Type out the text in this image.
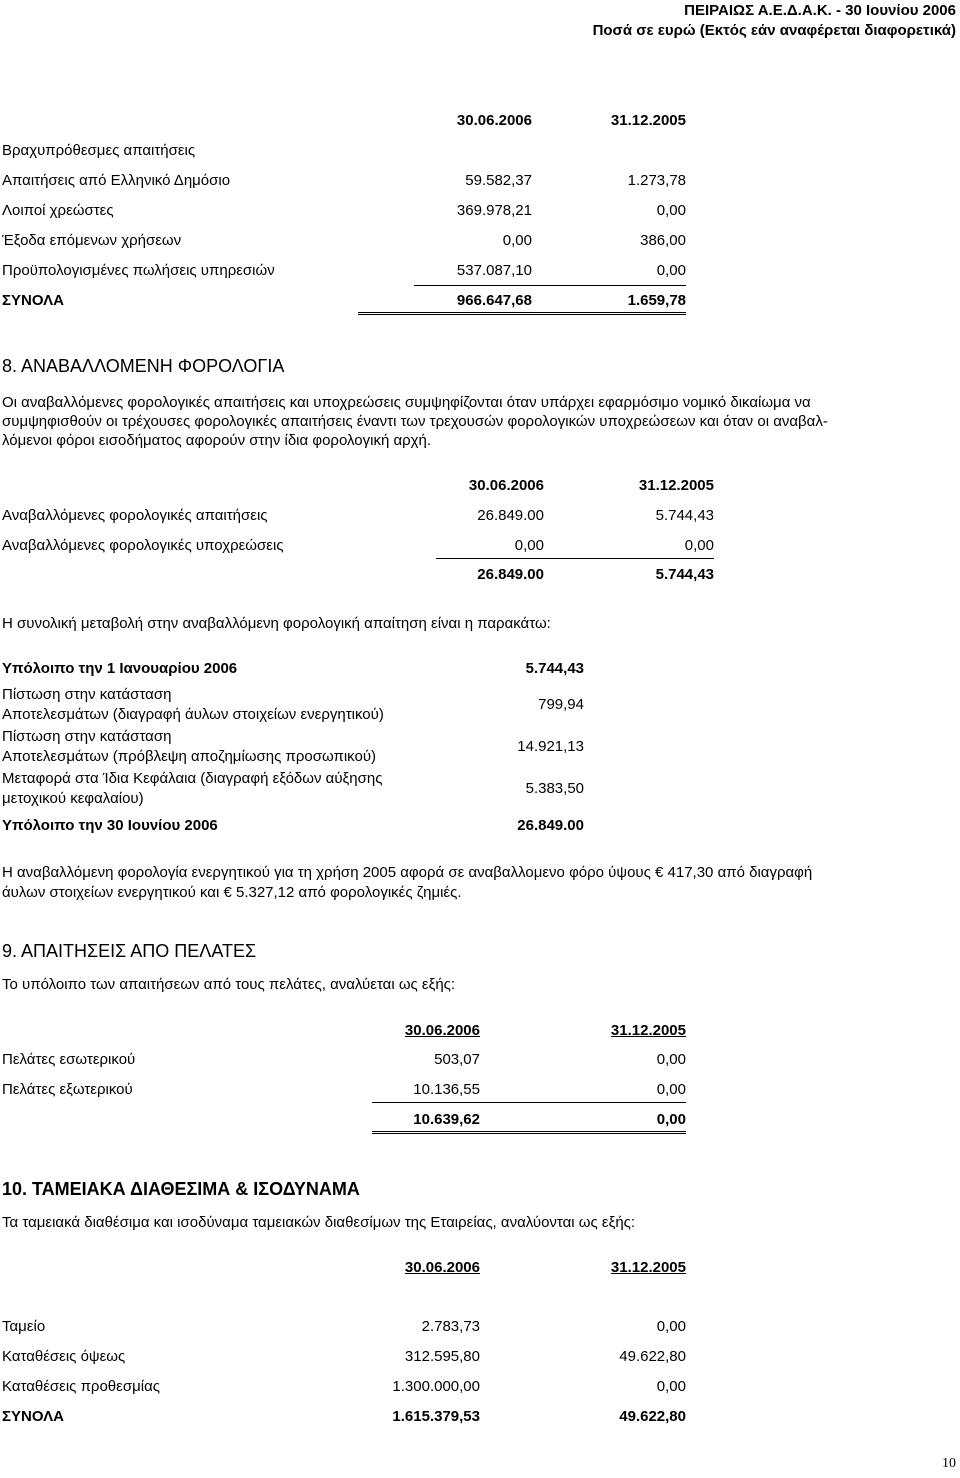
ΠΕΙΡΑΙΩΣ Α.Ε.Δ.Α.Κ. - 30 Ιουνίου 2006
Ποσά σε ευρώ (Εκτός εάν αναφέρεται διαφορετικά)
30.06.2006	31.12.2005
Βραχυπρόθεσμες απαιτήσεις
Απαιτήσεις από Ελληνικό Δημόσιο	59.582,37	1.273,78
Λοιποί χρεώστες	369.978,21	0,00
Έξοδα επόμενων χρήσεων	0,00	386,00
Προϋπολογισμένες πωλήσεις υπηρεσιών	537.087,10	0,00
ΣΥΝΟΛΑ	966.647,68	1.659,78
8. ΑΝΑΒΑΛΛΟΜΕΝΗ ΦΟΡΟΛΟΓΙΑ
Οι αναβαλλόμενες φορολογικές απαιτήσεις και υποχρεώσεις συμψηφίζονται όταν υπάρχει εφαρμόσιμο νομικό δικαίωμα να
συμψηφισθούν οι τρέχουσες φορολογικές απαιτήσεις έναντι των τρεχουσών φορολογικών υποχρεώσεων και όταν οι αναβαλ-
λόμενοι φόροι εισοδήματος αφορούν στην ίδια φορολογική αρχή.
30.06.2006	31.12.2005
Αναβαλλόμενες φορολογικές απαιτήσεις	26.849.00	5.744,43
Αναβαλλόμενες φορολογικές υποχρεώσεις	0,00	0,00
26.849.00	5.744,43
Η συνολική μεταβολή στην αναβαλλόμενη φορολογική απαίτηση είναι η παρακάτω:
Υπόλοιπο την 1 Ιανουαρίου 2006	5.744,43
Πίστωση στην κατάσταση
Αποτελεσμάτων (διαγραφή άυλων στοιχείων ενεργητικού)
799,94
Πίστωση στην κατάσταση
Αποτελεσμάτων (πρόβλεψη αποζημίωσης προσωπικού)
14.921,13
Μεταφορά στα Ίδια Κεφάλαια (διαγραφή εξόδων αύξησης
μετοχικού κεφαλαίου)
5.383,50
Υπόλοιπο την 30 Ιουνίου 2006	26.849.00
Η αναβαλλόμενη φορολογία ενεργητικού για τη χρήση 2005 αφορά σε αναβαλλομενο φόρο ύψους € 417,30 από διαγραφή
άυλων στοιχείων ενεργητικού και € 5.327,12 από φορολογικές ζημιές.
9. ΑΠΑΙΤΗΣΕΙΣ ΑΠΟ ΠΕΛΑΤΕΣ
Το υπόλοιπο των απαιτήσεων από τους πελάτες, αναλύεται ως εξής:
30.06.2006	31.12.2005
Πελάτες εσωτερικού	503,07	0,00
Πελάτες εξωτερικού	10.136,55	0,00
10.639,62	0,00
10. ΤΑΜΕΙΑΚΑ ΔΙΑΘΕΣΙΜΑ & ΙΣΟΔΥΝΑΜΑ
Τα ταμειακά διαθέσιμα και ισοδύναμα ταμειακών διαθεσίμων της Εταιρείας, αναλύονται ως εξής:
30.06.2006	31.12.2005
Ταμείο	2.783,73	0,00
Καταθέσεις όψεως	312.595,80	49.622,80
Καταθέσεις προθεσμίας	1.300.000,00	0,00
ΣΥΝΟΛΑ	1.615.379,53	49.622,80
10
